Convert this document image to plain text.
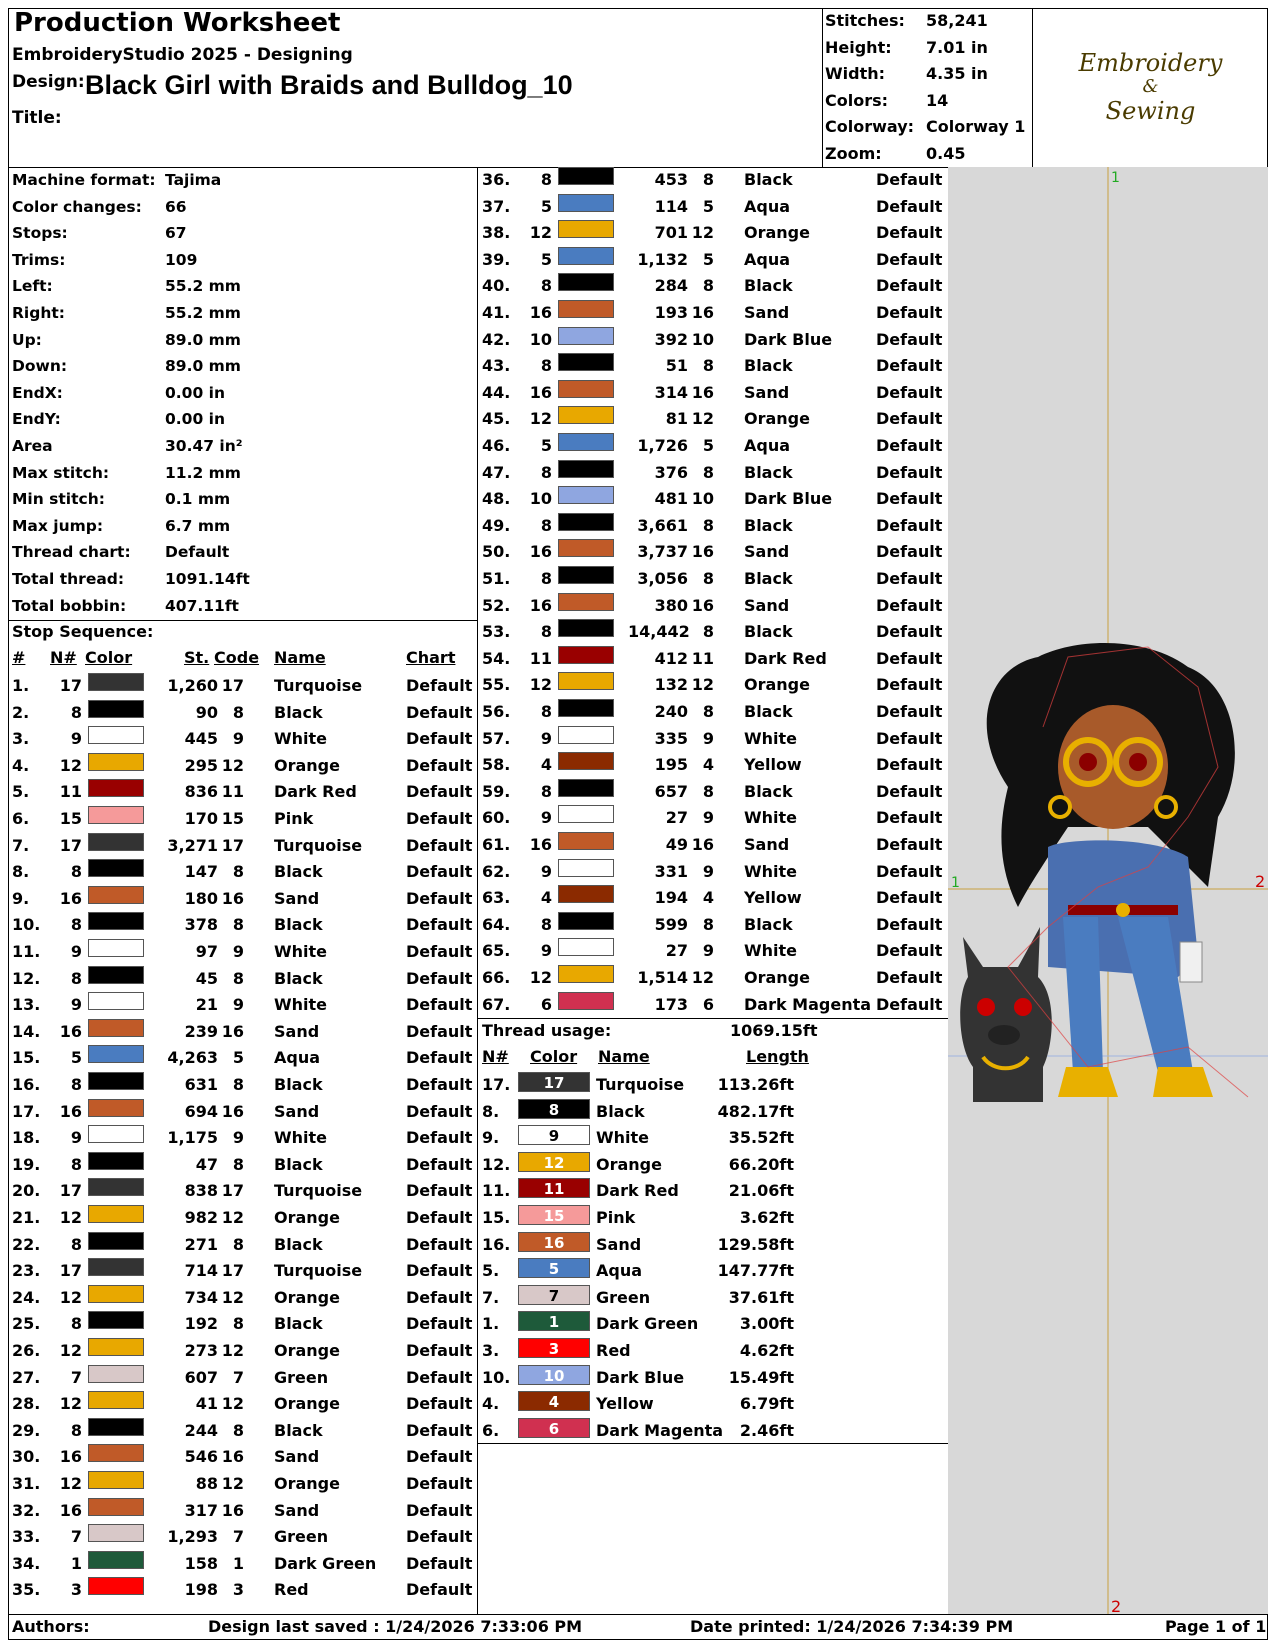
Production Worksheet
EmbroideryStudio 2025 - Designing
Design: Black Girl with Braids and Bulldog_10
Title:
Stitches: 58,241
Height: 7.01 in
Width:	4.35 in
Colors: 14
Colorway: Colorway 1
Zoom:	0.45
Embroidery
&
Sewing
Machine format: Tajima
Color changes:	66
Stops:	67
Trims:	109
Left:	55.2 mm
Right:	55.2 mm
Up:	89.0 mm
Down:	89.0 mm
EndX:	0.00 in
EndY:	0.00 in
Area	30.47 in²
Max stitch:	11.2 mm
Min stitch:	0.1 mm
Max jump:	6.7 mm
Thread chart:	Default
Total thread:	1091.14ft
Total bobbin:	407.11ft
Stop Sequence:
# N# Color	St. Code Name	Chart
1.	17	1,260 17 Turquoise	Default
2.	8	90 8 Black	Default
3.	9	445 9 White	Default
4.	12	295 12 Orange	Default
5.	11	836 11 Dark Red	Default
6.	15	170 15 Pink	Default
7.	17	3,271 17 Turquoise	Default
8.	8	147 8 Black	Default
9.	16	180 16 Sand	Default
10.	8	378 8 Black	Default
11.	9	97 9 White	Default
12.	8	45 8 Black	Default
13.	9	21 9 White	Default
14.	16	239 16 Sand	Default
15.	5	4,263 5 Aqua	Default
16.	8	631 8 Black	Default
17.	16	694 16 Sand	Default
18.	9	1,175 9 White	Default
19.	8	47 8 Black	Default
20.	17	838 17 Turquoise	Default
21.	12	982 12 Orange	Default
22.	8	271 8 Black	Default
23.	17	714 17 Turquoise	Default
24.	12	734 12 Orange	Default
25.	8	192 8 Black	Default
26.	12	273 12 Orange	Default
27.	7	607 7 Green	Default
28.	12	41 12 Orange	Default
29.	8	244 8 Black	Default
30.	16	546 16 Sand	Default
31.	12	88 12 Orange	Default
32.	16	317 16 Sand	Default
33.	7	1,293 7 Green	Default
34.	1	158 1 Dark Green	Default
35.	3	198 3 Red	Default
36.	8	453 8 Black	Default
37.	5	114 5 Aqua	Default
38.	12	701 12 Orange	Default
39.	5	1,132 5 Aqua	Default
40.	8	284 8 Black	Default
41.	16	193 16 Sand	Default
42.	10	392 10 Dark Blue	Default
43.	8	51 8 Black	Default
44.	16	314 16 Sand	Default
45.	12	81 12 Orange	Default
46.	5	1,726 5 Aqua	Default
47.	8	376 8 Black	Default
48.	10	481 10 Dark Blue	Default
49.	8	3,661 8 Black	Default
50.	16	3,737 16 Sand	Default
51.	8	3,056 8 Black	Default
52.	16	380 16 Sand	Default
53.	8	14,442 8 Black	Default
54.	11	412 11 Dark Red	Default
55.	12	132 12 Orange	Default
56.	8	240 8 Black	Default
57.	9	335 9 White	Default
58.	4	195 4 Yellow	Default
59.	8	657 8 Black	Default
60.	9	27 9 White	Default
61.	16	49 16 Sand	Default
62.	9	331 9 White	Default
63.	4	194 4 Yellow	Default
64.	8	599 8 Black	Default
65.	9	27 9 White	Default
66.	12	1,514 12 Orange	Default
67.	6	173 6 Dark Magenta Default
Thread usage:	1069.15ft
N# Color Name	Length
17.	17	Turquoise	113.26ft
8.	8	Black	482.17ft
9.	9	White	35.52ft
12.	12	Orange	66.20ft
11.	11	Dark Red	21.06ft
15.	15	Pink	3.62ft
16.	16	Sand	129.58ft
5.	5	Aqua	147.77ft
7.	7	Green	37.61ft
1.	1	Dark Green	3.00ft
3.	3	Red	4.62ft
10.	10	Dark Blue	15.49ft
4.	4	Yellow	6.79ft
6.	6	Dark Magenta	2.46ft
1
1	2
2
Authors:	Design last saved : 1/24/2026 7:33:06 PM	Date printed: 1/24/2026 7:34:39 PM	Page 1 of 1
